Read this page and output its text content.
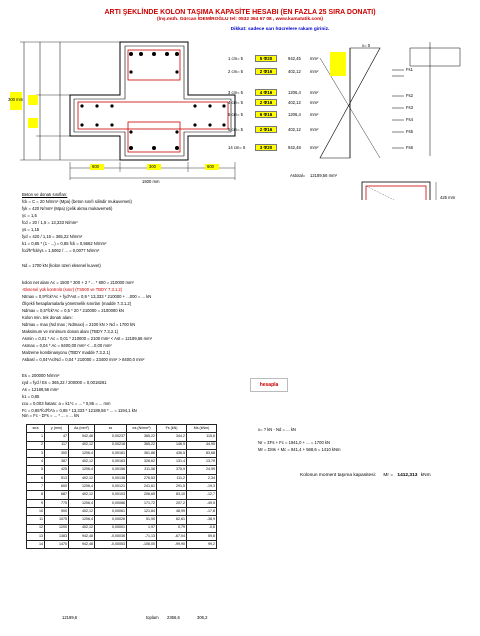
ARTI ŞEKLİNDE KOLON TAŞIMA KAPASİTE HESABI (EN FAZLA 25 SIRA DONATI)
(İnş.müh. Gürcan İDEMİROĞLU tel: 0532 364 67 08 , www.kamatatik.com)
Dikkat: sadece sarı hücrelere rakam giriniz.
300 mm
600	300	600
1500 mm
1 cm= 5	5 Φ20	942,45 mm²
2 cm= 5	2 Φ16	402,12 mm²
3 cm= 5	4 Φ16	1206,4 mm²
4 cm= 5	2 Φ16	402,12 mm²
5 cm= 5	6 Φ16	1206,4 mm²
6 cm= 5	2 Φ16	402,12 mm²
14 cm= 5	3 Φ20	942,48 mm²
x= 0
Fs1
Fs2
Fs3
Fs4
Fs5
Fs6
Astotal= 12189,56 mm²
425 mm
Beton ve donatı sınıfları:
fck = C = 20 N/mm² (Mpa) (beton sınıfı silindir mukavemeti)
fyk = 420 N/mm² (Mpa) (çelik akma mukavemeti)
γc = 1,5
fcd = 20 / 1,5 = 13,333 N/mm²
γs = 1,15
fyd = 420 / 1,15 = 365,22 N/mm²
k1 = 0,85 * (1 - ...) = 0,85 fck = 0,5662 N/mm²
fcd/h*fck/γs = 1,5062 / ... = 0,0077 N/mm²
Nd = 1700 kN (kolon üzeri eksenel kuvvet)
kolon net alanı Ac = 1500 * 300 + 2 * ... * 600 = 210000 mm²
-Eksenel yük kontrolü (sınır) (TS500 ve TBDY 7.3.1.2)
Ntmax = 0,9*fck*Ac + fyd*Ast = 0,9 * 13,333 * 210000 + ...000 = ... kN
Ölçekli hesaplamalarla yönetmelik sınırları (madde 7.3.1.2)
Ndmax = 0,5*fck*Ac = 0,5 * 20 * 210000 = 2100000 kN
Kolon min. tek donatı alanı:
Ndmax = max (Nd max ; Ndmaxı) = 2100 kN > Nd = 1700 kN
Maksimum ve minimum donatı alanı (TBDY 7.3.2.1)
Asmin = 0,01 * Ac = 0,01 * 210000 = 2100 mm² < Ast = 12189,56 mm²
Asmax = 0,04 * Ac = 8400,00 mm² < ...0,00 mm²
Malzeme kombinasyonu (TBDY madde 7.3.2.1)
Asbasl = 0,04*Ac/Nd = 0,04 * 210000 = 23400 mm² > 8400,0 mm²
Es = 200000 N/mm²
εyd = fyd / Es = 365,22 / 200000 = 0,0018261
As = 12189,56 mm²
k1 = 0,85
εcu = 0,003 hatası: a = k1*c = ... * 0,85 = ... mm
Fc = 0,85*fcd*b*a = 0,85 * 13,333 * 12189,56 * ... = 1194,1 kN
Nm = Fc - ΣFs = ... * ... = ... kN
hesapla
sıra	y (mm)	As (mm²)	εs	σs (N/mm²)	Fs (kN)	Ms (kNm)
1	47	942,48	0,00237	365,22	344,2	115,6
2	117	402,12	0,00218	365,22	146,9	44,95
3	300	1206,4	0,00181	361,86	436,5	83,68
4	387	402,12	0,00163	326,62	131,4	13,79
5	425	1206,4	0,00156	311,56	375,9	24,99
6	513	402,12	0,00138	276,53	111,2	2,34
7	600	1206,4	0,00121	241,61	291,5	-19,3
8	687	402,12	0,00103	206,65	83,10	-12,7
9	775	1206,4	0,00086	171,72	207,2	-49,5
10	900	402,12	0,00061	121,84	48,99	-17,8
11	1075	1206,4	0,00026	51,90	62,61	-38,9
12	1200	402,12	0,00001	1,97	0,79	-0,6
13	1383	942,48	-0,00036	-71,13	-67,04	59,8
14	1470	942,48	-0,00053	-106,00	-99,90	99,2
12189,6	toplam 2366,6	306,2
x= ? kN - Nd = ... kN
Nr = ΣFs + Fc = 1941,0 + ... = 1700 kN
Mr = ΣMs + Mc = 841,4 + 568,6 = 1410 kNm
Kolonun moment taşıma kapasitesi: Mr = 1412,313 kNm
